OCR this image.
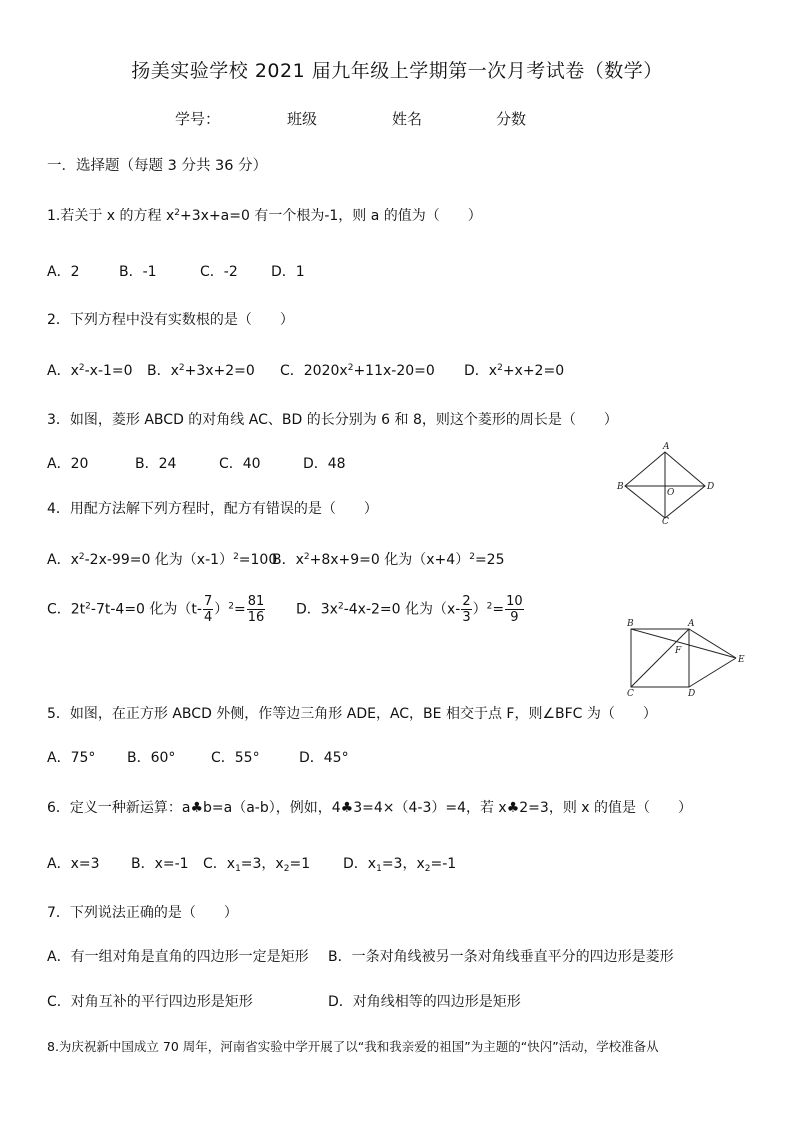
扬美实验学校 2021 届九年级上学期第一次月考试卷（数学）
学号：	班级	姓名	分数
一．选择题（每题 3 分共 36 分）
1.若关于 x 的方程 $x^2+3x+a=0$ 有一个根为-1，则 a 的值为（　　）
A．2	B．-1	C．-2 D．1
2．下列方程中没有实数根的是（　　）
A．$x^2-x-1=0$ B．$x^2+3x+2=0$ C．$2020x^2+11x-20=0$ D．$x^2+x+2=0$
3．如图，菱形 ABCD 的对角线 AC、BD 的长分别为 6 和 8，则这个菱形的周长是（　　）
A．20	B．24	C．40	D．48
A
B
C
D
O
4．用配方法解下列方程时，配方有错误的是（　　）
A．$x^2-2x-99=0$ 化为$(x-1)^2=100$
B．$x^2+8x+9=0$ 化为$(x+4)^2=25$
C．$2t^2-7t-4=0$ 化为$(t- \frac{7}{4} )^2= \frac{81}{16}$ D．$3x^2-4x-2=0$ 化为$(x- \frac{2}{3} )^2= \frac{10}{9}$	B	A
F
E
C	D
5．如图，在正方形 ABCD 外侧，作等边三角形 ADE，AC，BE 相交于点 F，则∠BFC 为（　　）
A．75° B．60°	C．55°	D．45°
6．定义一种新运算：a♣b=a（a-b），例如，4♣3=4×（4-3）=4，若 x♣2=3，则 x 的值是（　　）
A．x=3 B．x=-1 C．$x_1=3$，$x_2=1$ D．$x_1=3$，$x_2=-1$
7．下列说法正确的是（　　）
A．有一组对角是直角的四边形一定是矩形 B．一条对角线被另一条对角线垂直平分的四边形是菱形
C．对角互补的平行四边形是矩形	D．对角线相等的四边形是矩形
8.为庆祝新中国成立 70 周年，河南省实验中学开展了以“我和我亲爱的祖国”为主题的“快闪”活动，学校准备从
